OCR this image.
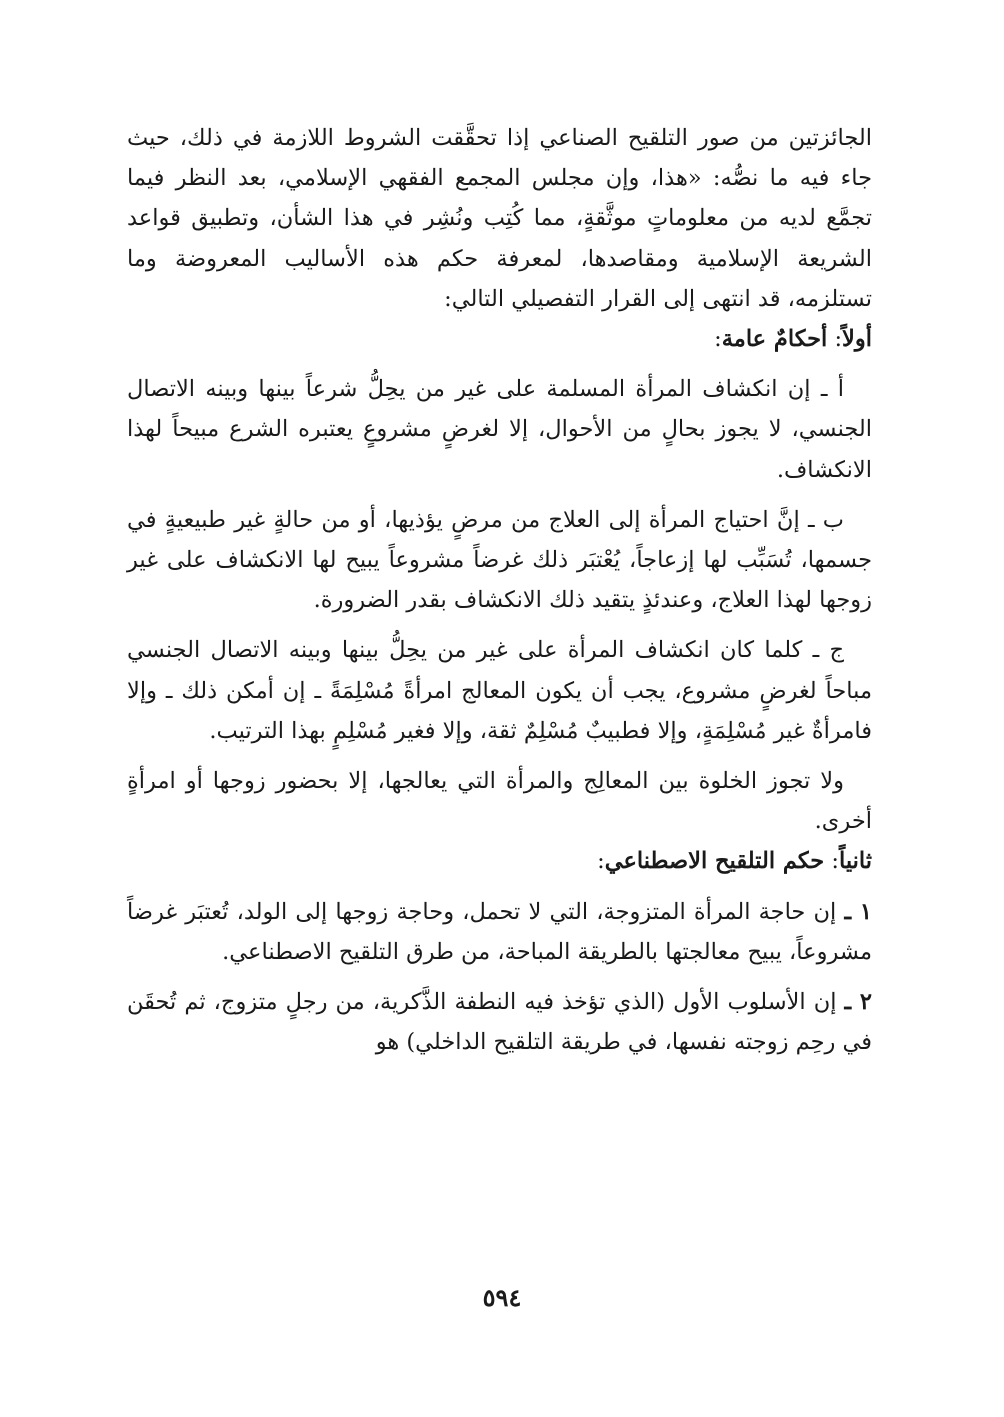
الجائزتين من صور التلقيح الصناعي إذا تحقَّقت الشروط اللازمة في ذلك، حيث جاء فيه ما نصُّه: «هذا، وإن مجلس المجمع الفقهي الإسلامي، بعد النظر فيما تجمَّع لديه من معلوماتٍ موثَّقةٍ، مما كُتِب ونُشِر في هذا الشأن، وتطبيق قواعد الشريعة الإسلامية ومقاصدها، لمعرفة حكم هذه الأساليب المعروضة وما تستلزمه، قد انتهى إلى القرار التفصيلي التالي:

أولاً: أحكامٌ عامة:

أ ـ إن انكشاف المرأة المسلمة على غير من يحِلُّ شرعاً بينها وبينه الاتصال الجنسي، لا يجوز بحالٍ من الأحوال، إلا لغرضٍ مشروعٍ يعتبره الشرع مبيحاً لهذا الانكشاف.

ب ـ إنَّ احتياج المرأة إلى العلاج من مرضٍ يؤذيها، أو من حالةٍ غير طبيعيةٍ في جسمها، تُسَبِّب لها إزعاجاً، يُعْتبَر ذلك غرضاً مشروعاً يبيح لها الانكشاف على غير زوجها لهذا العلاج، وعندئذٍ يتقيد ذلك الانكشاف بقدر الضرورة.

ج ـ كلما كان انكشاف المرأة على غير من يحِلُّ بينها وبينه الاتصال الجنسي مباحاً لغرضٍ مشروع، يجب أن يكون المعالج امرأةً مُسْلِمَةً ـ إن أمكن ذلك ـ وإلا فامرأةٌ غير مُسْلِمَةٍ، وإلا فطبيبٌ مُسْلِمٌ ثقة، وإلا فغير مُسْلِمٍ بهذا الترتيب.

ولا تجوز الخلوة بين المعالِج والمرأة التي يعالجها، إلا بحضور زوجها أو امرأةٍ أخرى.

ثانياً: حكم التلقيح الاصطناعي:

١ ـ إن حاجة المرأة المتزوجة، التي لا تحمل، وحاجة زوجها إلى الولد، تُعتبَر غرضاً مشروعاً، يبيح معالجتها بالطريقة المباحة، من طرق التلقيح الاصطناعي.

٢ ـ إن الأسلوب الأول (الذي تؤخذ فيه النطفة الذَّكرية، من رجلٍ متزوج، ثم تُحقَن في رحِم زوجته نفسها، في طريقة التلقيح الداخلي) هو

٥٩٤
